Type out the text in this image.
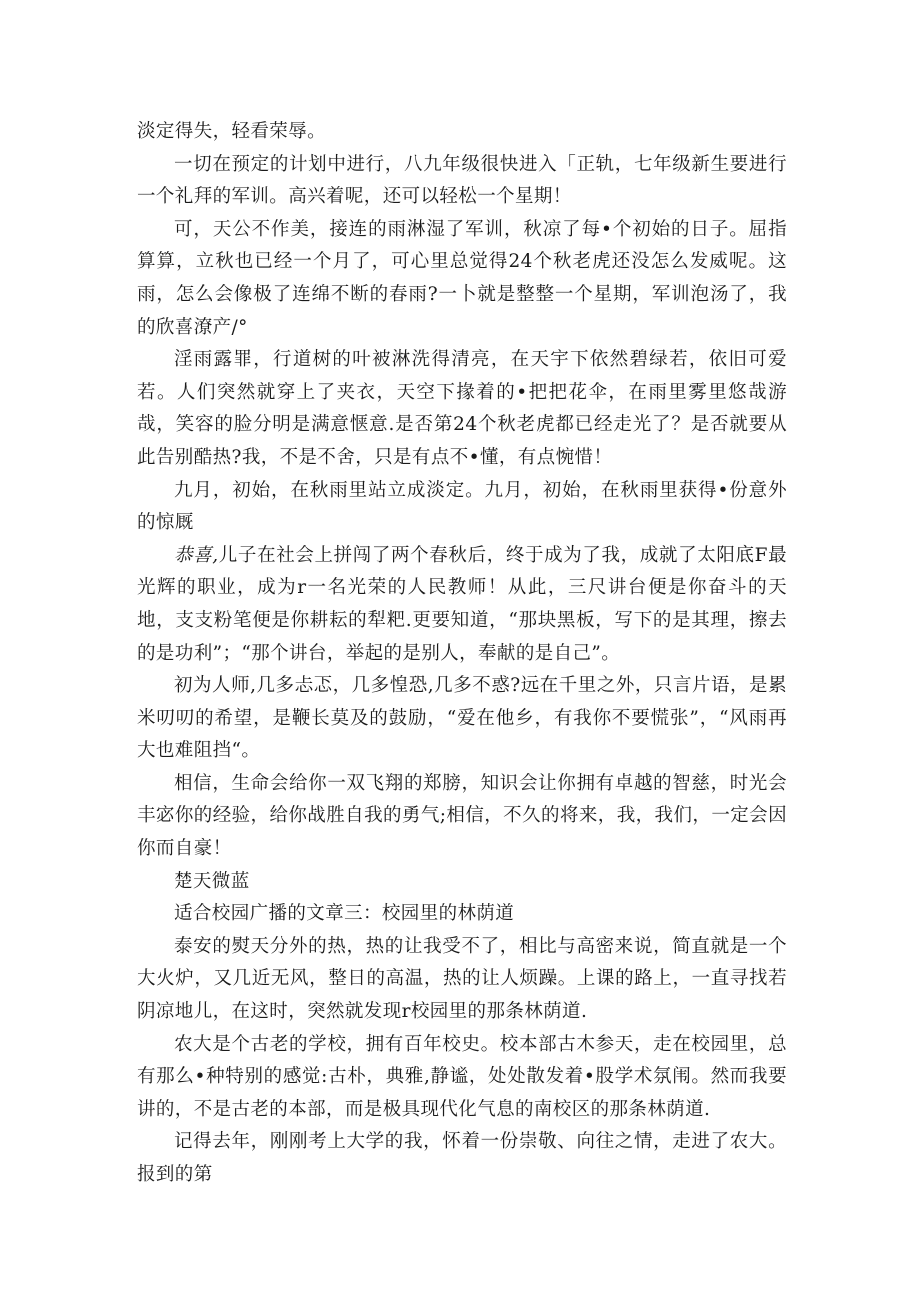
淡定得失，轻看荣辱。

一切在预定的计划中进行，八九年级很快进入「正轨，七年级新生要进行一个礼拜的军训。高兴着呢，还可以轻松一个星期！

可，天公不作美，接连的雨淋湿了军训，秋凉了每•个初始的日子。屈指算算，立秋也已经一个月了，可心里总觉得24个秋老虎还没怎么发威呢。这雨，怎么会像极了连绵不断的春雨?一卜就是整整一个星期，军训泡汤了，我的欣喜潦产/°

淫雨露罪，行道树的叶被淋洗得清亮，在天宇下依然碧绿若，依旧可爱若。人们突然就穿上了夹衣，天空下掾着的•把把花伞，在雨里雾里悠哉游哉，笑容的脸分明是满意惬意.是否第24个秋老虎都已经走光了？是否就要从此告别酷热?我，不是不舍，只是有点不•懂，有点惋惜！

九月，初始，在秋雨里站立成淡定。九月，初始，在秋雨里获得•份意外的惊厩

恭喜,儿子在社会上拼闯了两个春秋后，终于成为了我，成就了太阳底F最光辉的职业，成为r一名光荣的人民教师！从此，三尺讲台便是你奋斗的天地，支支粉笔便是你耕耘的犁粑.更要知道，“那块黑板，写下的是其理，擦去的是功利”；“那个讲台，举起的是别人，奉献的是自己”。

初为人师,几多忐忑，几多惶恐,几多不惑?远在千里之外，只言片语，是累米叨叨的希望，是鞭长莫及的鼓励，“爱在他乡，有我你不要慌张”，“风雨再大也难阻挡“。

相信，生命会给你一双飞翔的郑膀，知识会让你拥有卓越的智慈，时光会丰宓你的经验，给你战胜自我的勇气;相信，不久的将来，我，我们，一定会因你而自豪！

楚天微蓝

适合校园广播的文章三：校园里的林荫道

泰安的熨天分外的热，热的让我受不了，相比与高密来说，简直就是一个大火炉，又几近无风，整日的高温，热的让人烦躁。上课的路上，一直寻找若阴凉地儿，在这时，突然就发现r校园里的那条林荫道.

农大是个古老的学校，拥有百年校史。校本部古木参天，走在校园里，总有那么•种特别的感觉:古朴，典雅,静谧，处处散发着•股学术氛闱。然而我要讲的，不是古老的本部，而是极具现代化气息的南校区的那条林荫道.

记得去年，刚刚考上大学的我，怀着一份崇敬、向往之情，走进了农大。报到的第
